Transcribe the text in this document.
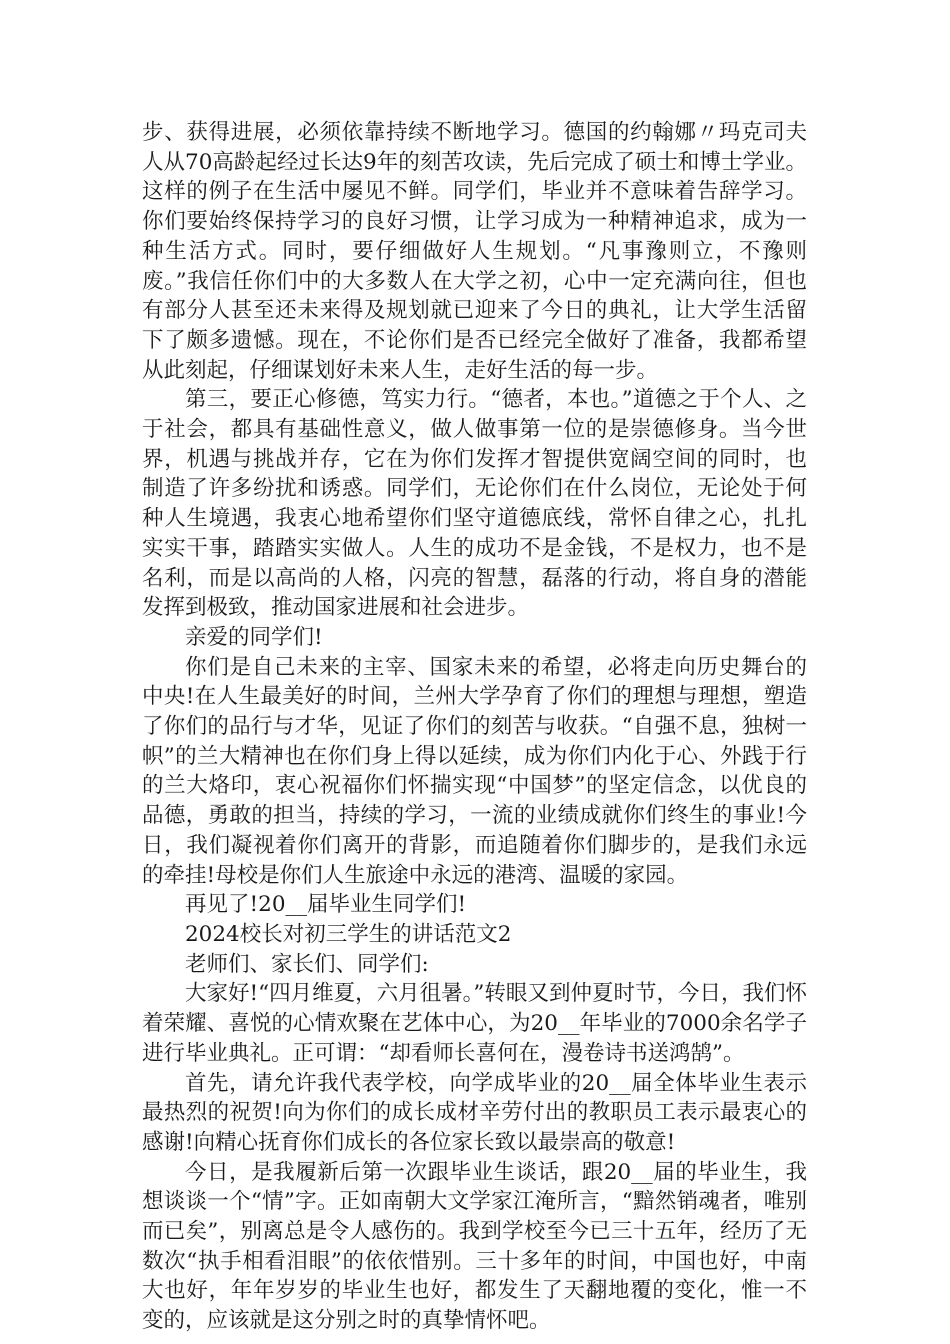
步、获得进展，必须依靠持续不断地学习。德国的约翰娜〃玛克司夫人从70高龄起经过长达9年的刻苦攻读，先后完成了硕士和博士学业。这样的例子在生活中屡见不鲜。同学们，毕业并不意味着告辞学习。你们要始终保持学习的良好习惯，让学习成为一种精神追求，成为一种生活方式。同时，要仔细做好人生规划。“凡事豫则立，不豫则废。”我信任你们中的大多数人在大学之初，心中一定充满向往，但也有部分人甚至还未来得及规划就已迎来了今日的典礼，让大学生活留下了颇多遗憾。现在，不论你们是否已经完全做好了准备，我都希望从此刻起，仔细谋划好未来人生，走好生活的每一步。

第三，要正心修德，笃实力行。“德者，本也。”道德之于个人、之于社会，都具有基础性意义，做人做事第一位的是崇德修身。当今世界，机遇与挑战并存，它在为你们发挥才智提供宽阔空间的同时，也制造了许多纷扰和诱惑。同学们，无论你们在什么岗位，无论处于何种人生境遇，我衷心地希望你们坚守道德底线，常怀自律之心，扎扎实实干事，踏踏实实做人。人生的成功不是金钱，不是权力，也不是名利，而是以高尚的人格，闪亮的智慧，磊落的行动，将自身的潜能发挥到极致，推动国家进展和社会进步。

亲爱的同学们!

你们是自己未来的主宰、国家未来的希望，必将走向历史舞台的中央!在人生最美好的时间，兰州大学孕育了你们的理想与理想，塑造了你们的品行与才华，见证了你们的刻苦与收获。“自强不息，独树一帜”的兰大精神也在你们身上得以延续，成为你们内化于心、外践于行的兰大烙印，衷心祝福你们怀揣实现“中国梦”的坚定信念，以优良的品德，勇敢的担当，持续的学习，一流的业绩成就你们终生的事业!今日，我们凝视着你们离开的背影，而追随着你们脚步的，是我们永远的牵挂!母校是你们人生旅途中永远的港湾、温暖的家园。

再见了!20__届毕业生同学们!

2024校长对初三学生的讲话范文2

老师们、家长们、同学们:

大家好!“四月维夏，六月徂暑。”转眼又到仲夏时节，今日，我们怀着荣耀、喜悦的心情欢聚在艺体中心，为20__年毕业的7000余名学子进行毕业典礼。正可谓：“却看师长喜何在，漫卷诗书送鸿鹄”。

首先，请允许我代表学校，向学成毕业的20__届全体毕业生表示最热烈的祝贺!向为你们的成长成材辛劳付出的教职员工表示最衷心的感谢!向精心抚育你们成长的各位家长致以最崇高的敬意!

今日，是我履新后第一次跟毕业生谈话，跟20__届的毕业生，我想谈谈一个“情”字。正如南朝大文学家江淹所言，“黯然销魂者，唯别而已矣”，别离总是令人感伤的。我到学校至今已三十五年，经历了无数次“执手相看泪眼”的依依惜别。三十多年的时间，中国也好，中南大也好，年年岁岁的毕业生也好，都发生了天翻地覆的变化，惟一不变的，应该就是这分别之时的真挚情怀吧。
